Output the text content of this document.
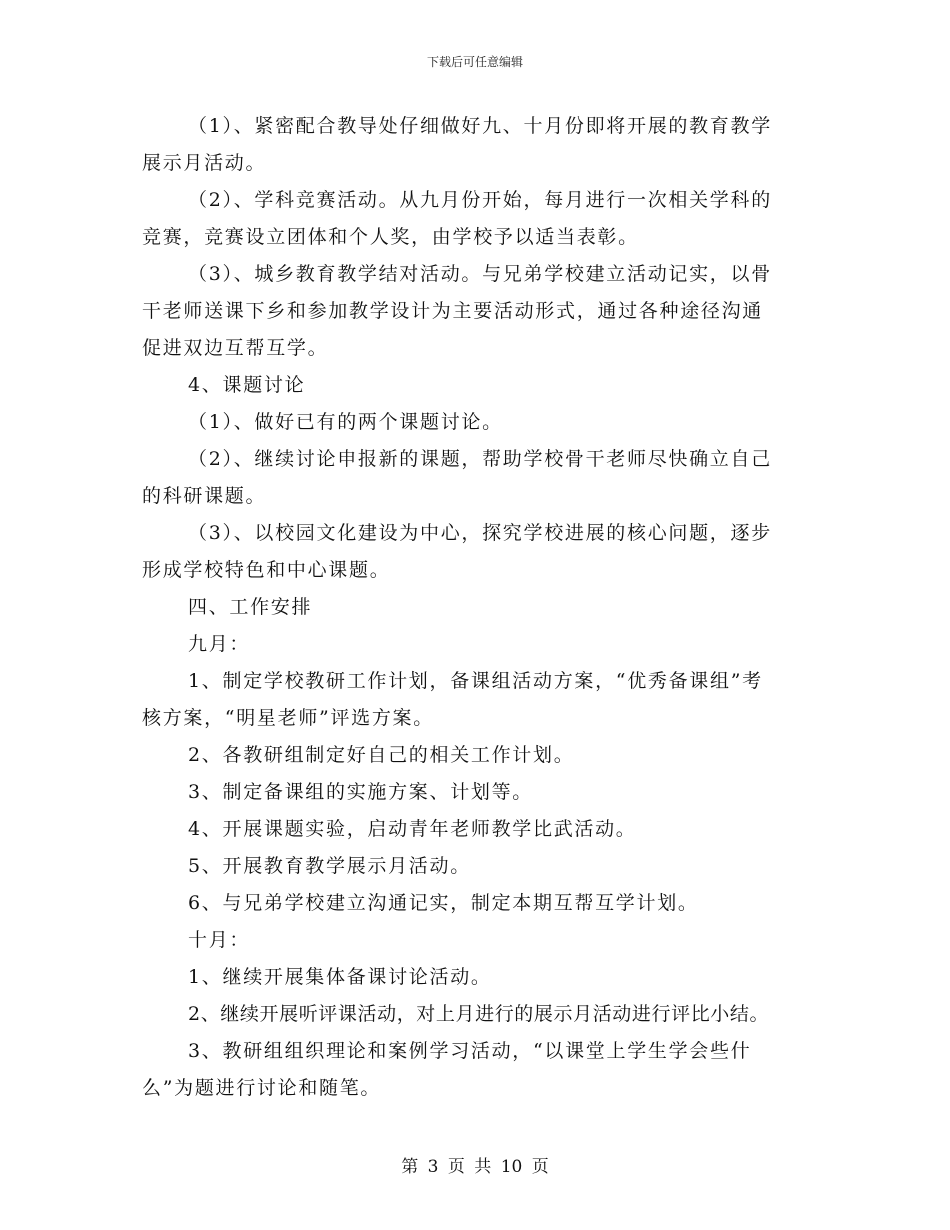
下载后可任意编辑

（1）、紧密配合教导处仔细做好九、十月份即将开展的教育教学

展示月活动。

（2）、学科竞赛活动。从九月份开始，每月进行一次相关学科的

竞赛，竞赛设立团体和个人奖，由学校予以适当表彰。

（3）、城乡教育教学结对活动。与兄弟学校建立活动记实，以骨

干老师送课下乡和参加教学设计为主要活动形式，通过各种途径沟通

促进双边互帮互学。

4、课题讨论

（1）、做好已有的两个课题讨论。

（2）、继续讨论申报新的课题，帮助学校骨干老师尽快确立自己

的科研课题。

（3）、以校园文化建设为中心，探究学校进展的核心问题，逐步

形成学校特色和中心课题。

四、工作安排

九月：

1、制定学校教研工作计划，备课组活动方案，“优秀备课组”考

核方案，“明星老师”评选方案。

2、各教研组制定好自己的相关工作计划。

3、制定备课组的实施方案、计划等。

4、开展课题实验，启动青年老师教学比武活动。

5、开展教育教学展示月活动。

6、与兄弟学校建立沟通记实，制定本期互帮互学计划。

十月：

1、继续开展集体备课讨论活动。

2、继续开展听评课活动，对上月进行的展示月活动进行评比小结。

3、教研组组织理论和案例学习活动，“以课堂上学生学会些什

么”为题进行讨论和随笔。

第 3 页 共 10 页
